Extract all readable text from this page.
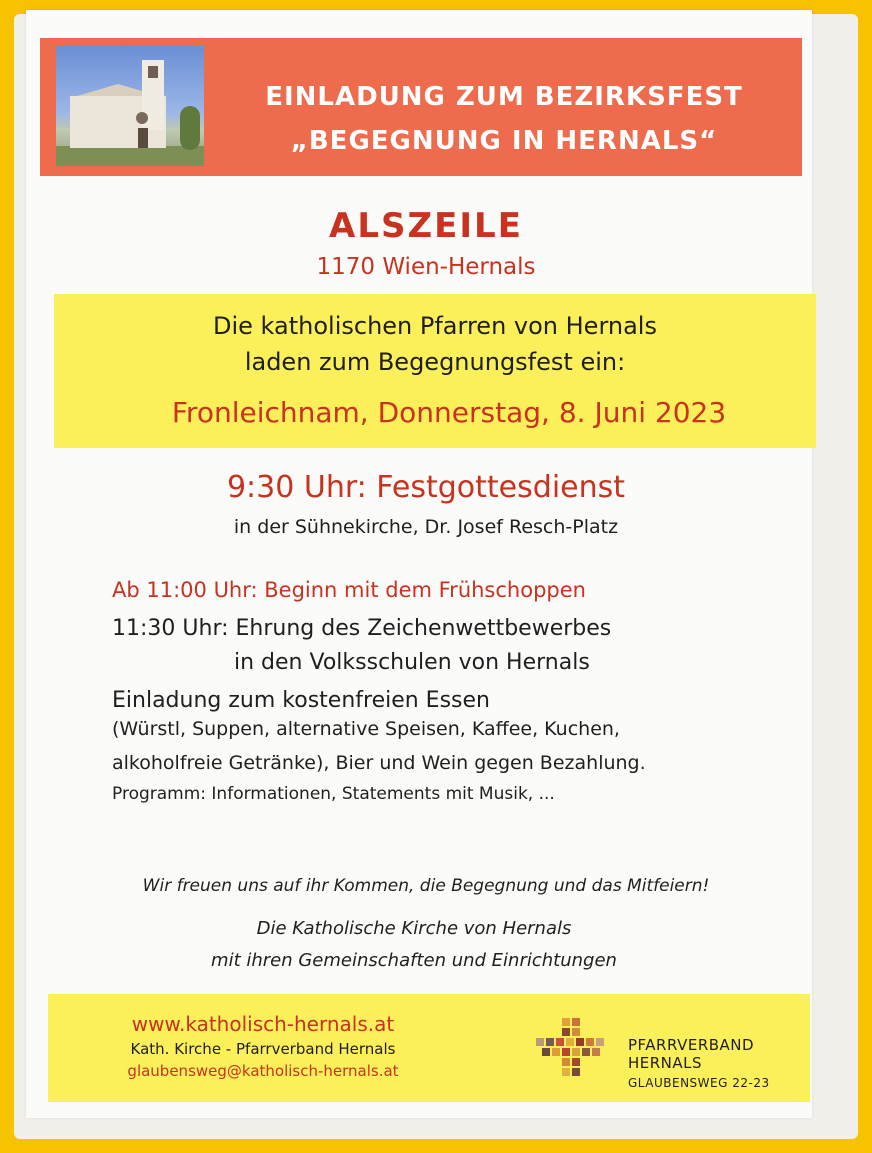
EINLADUNG ZUM BEZIRKSFEST
„BEGEGNUNG IN HERNALS“
ALSZEILE
1170 Wien-Hernals
Die katholischen Pfarren von Hernals
laden zum Begegnungsfest ein:
Fronleichnam, Donnerstag, 8. Juni 2023
9:30 Uhr: Festgottesdienst
in der Sühnekirche, Dr. Josef Resch-Platz
Ab 11:00 Uhr: Beginn mit dem Frühschoppen
11:30 Uhr: Ehrung des Zeichenwettbewerbes
in den Volksschulen von Hernals
Einladung zum kostenfreien Essen
(Würstl, Suppen, alternative Speisen, Kaffee, Kuchen,
alkoholfreie Getränke), Bier und Wein gegen Bezahlung.
Programm: Informationen, Statements mit Musik, ...
Wir freuen uns auf ihr Kommen, die Begegnung und das Mitfeiern!
Die Katholische Kirche von Hernals
mit ihren Gemeinschaften und Einrichtungen
www.katholisch-hernals.at
Kath. Kirche - Pfarrverband Hernals
glaubensweg@katholisch-hernals.at
PFARRVERBAND
HERNALS
GLAUBENSWEG 22-23
